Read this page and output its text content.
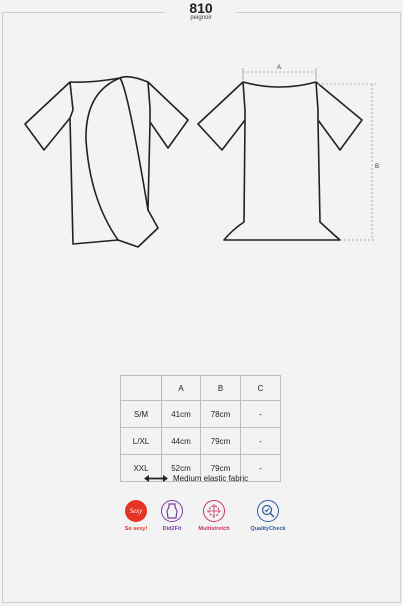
810
peignoir
A
B
	A	B	C
S/M	41cm	78cm	-
L/XL	44cm	79cm	-
XXL	52cm	79cm	-
Medium elastic fabric
Sexy
So sexy!	Did2Fit	Multistretch	QualityCheck
